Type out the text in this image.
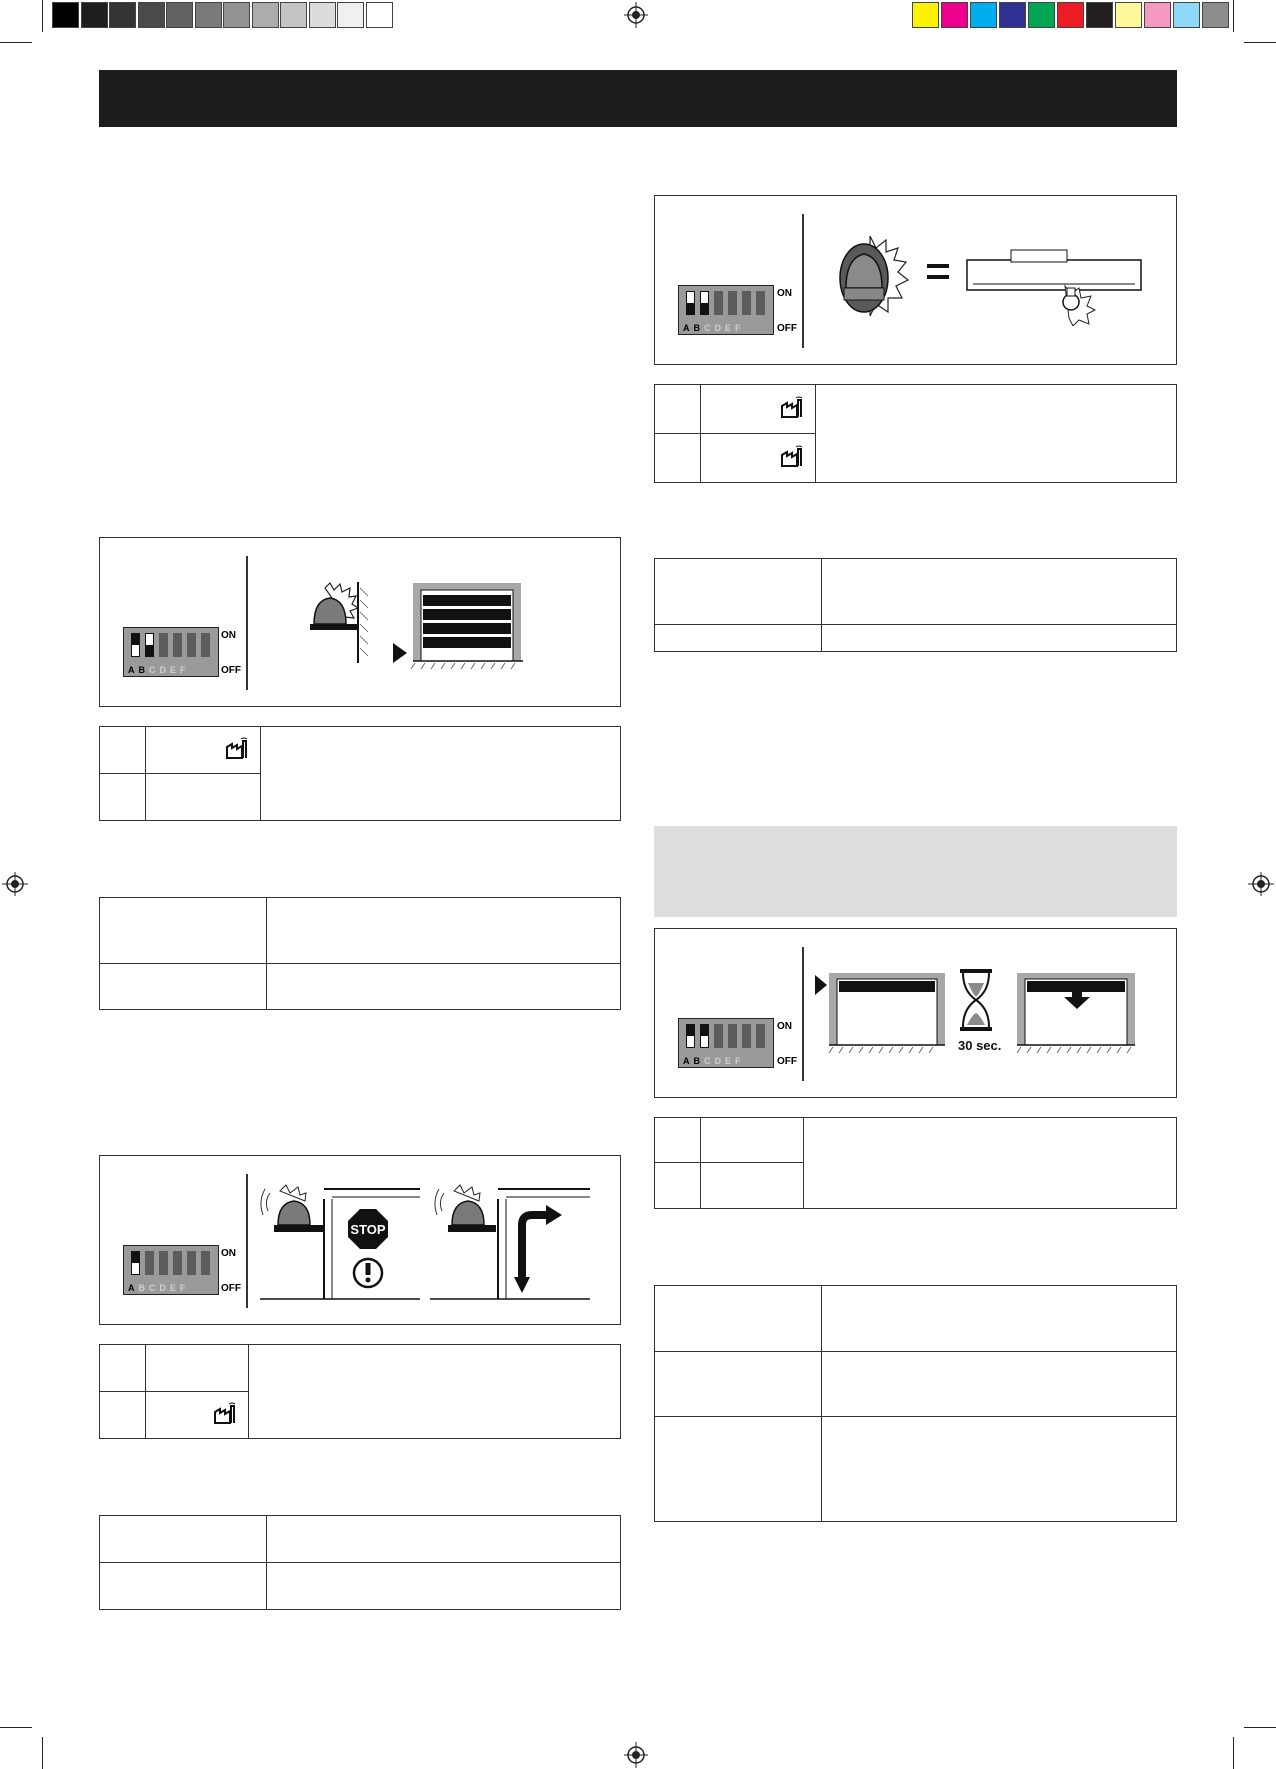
ABCDEF
ON
OFF

ABCDEF
ON
OFF
STOP

ABCDEF
ON
OFF

ABCDEF
ON
OFF
30 sec.
